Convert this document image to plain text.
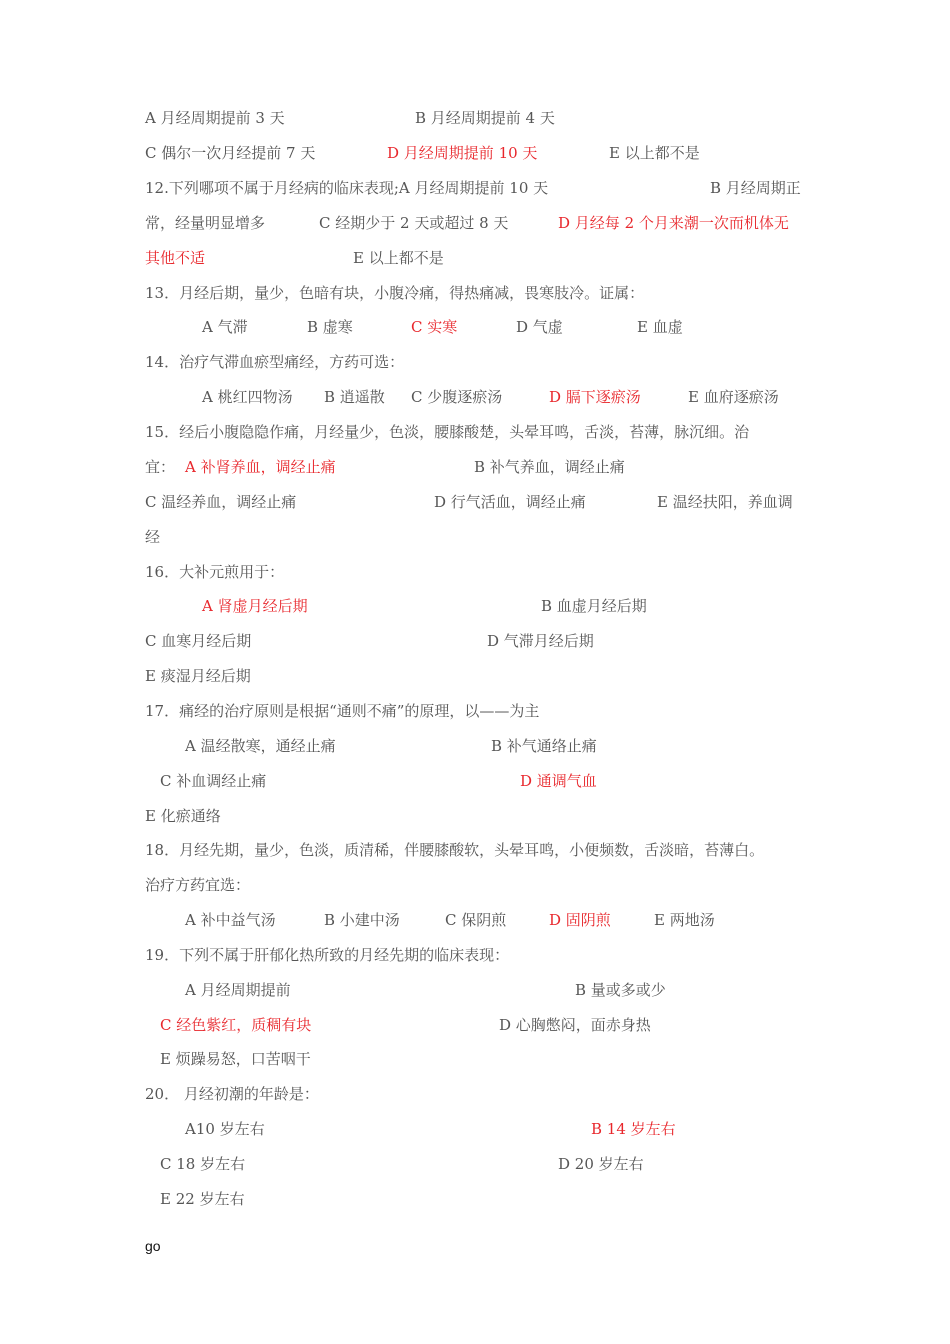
A 月经周期提前 3 天	B 月经周期提前 4 天
C 偶尔一次月经提前 7 天	D 月经周期提前 10 天	E 以上都不是
12.下列哪项不属于月经病的临床表现;A 月经周期提前 10 天	B 月经周期正
常，经量明显增多	C 经期少于 2 天或超过 8 天	D 月经每 2 个月来潮一次而机体无
其他不适	E 以上都不是
13．月经后期，量少，色暗有块，小腹冷痛，得热痛减，畏寒肢冷。证属：
A 气滞	B 虚寒	C 实寒	D 气虚	E 血虚
14．治疗气滞血瘀型痛经，方药可选：
A 桃红四物汤 B 逍遥散 C 少腹逐瘀汤	D 膈下逐瘀汤	E 血府逐瘀汤
15．经后小腹隐隐作痛，月经量少，色淡，腰膝酸楚，头晕耳鸣，舌淡，苔薄，脉沉细。治
宜： A 补肾养血，调经止痛	B 补气养血，调经止痛
C 温经养血，调经止痛	D 行气活血，调经止痛	E 温经扶阳，养血调
经
16．大补元煎用于：
A 肾虚月经后期	B 血虚月经后期
C 血寒月经后期	D 气滞月经后期
E 痰湿月经后期
17．痛经的治疗原则是根据“通则不痛”的原理，以——为主
A 温经散寒，通经止痛	B 补气通络止痛
C 补血调经止痛	D 通调气血
E 化瘀通络
18．月经先期，量少，色淡，质清稀，伴腰膝酸软，头晕耳鸣，小便频数，舌淡暗，苔薄白。
治疗方药宜选：
A 补中益气汤	B 小建中汤	C 保阴煎	D 固阴煎	E 两地汤
19．下列不属于肝郁化热所致的月经先期的临床表现：
A 月经周期提前	B 量或多或少
C 经色紫红，质稠有块	D 心胸憋闷，面赤身热
E 烦躁易怒，口苦咽干
20． 月经初潮的年龄是：
A10 岁左右	B 14 岁左右
C 18 岁左右	D 20 岁左右
E 22 岁左右
go
